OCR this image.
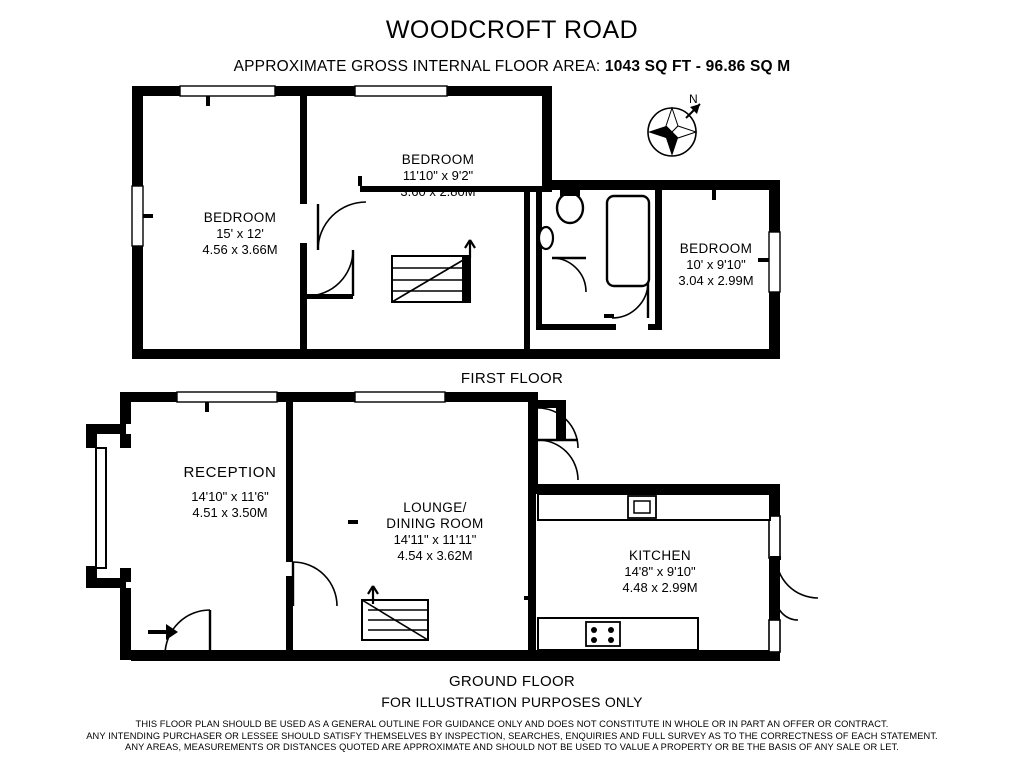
WOODCROFT ROAD
APPROXIMATE GROSS INTERNAL FLOOR AREA: 1043 SQ FT - 96.86 SQ M
N
BEDROOM
15' x 12'
4.56 x 3.66M
BEDROOM
11'10" x 9'2"
3.60 x 2.80M
BEDROOM
10' x 9'10"
3.04 x 2.99M
RECEPTION
14'10" x 11'6"
4.51 x 3.50M	LOUNGE/
DINING ROOM
14'11" x 11'11"
4.54 x 3.62M	KITCHEN
14'8" x 9'10"
4.48 x 2.99M
FIRST FLOOR
GROUND FLOOR
FOR ILLUSTRATION PURPOSES ONLY
THIS FLOOR PLAN SHOULD BE USED AS A GENERAL OUTLINE FOR GUIDANCE ONLY AND DOES NOT CONSTITUTE IN WHOLE OR IN PART AN OFFER OR CONTRACT.
ANY INTENDING PURCHASER OR LESSEE SHOULD SATISFY THEMSELVES BY INSPECTION, SEARCHES, ENQUIRIES AND FULL SURVEY AS TO THE CORRECTNESS OF EACH STATEMENT.
ANY AREAS, MEASUREMENTS OR DISTANCES QUOTED ARE APPROXIMATE AND SHOULD NOT BE USED TO VALUE A PROPERTY OR BE THE BASIS OF ANY SALE OR LET.
